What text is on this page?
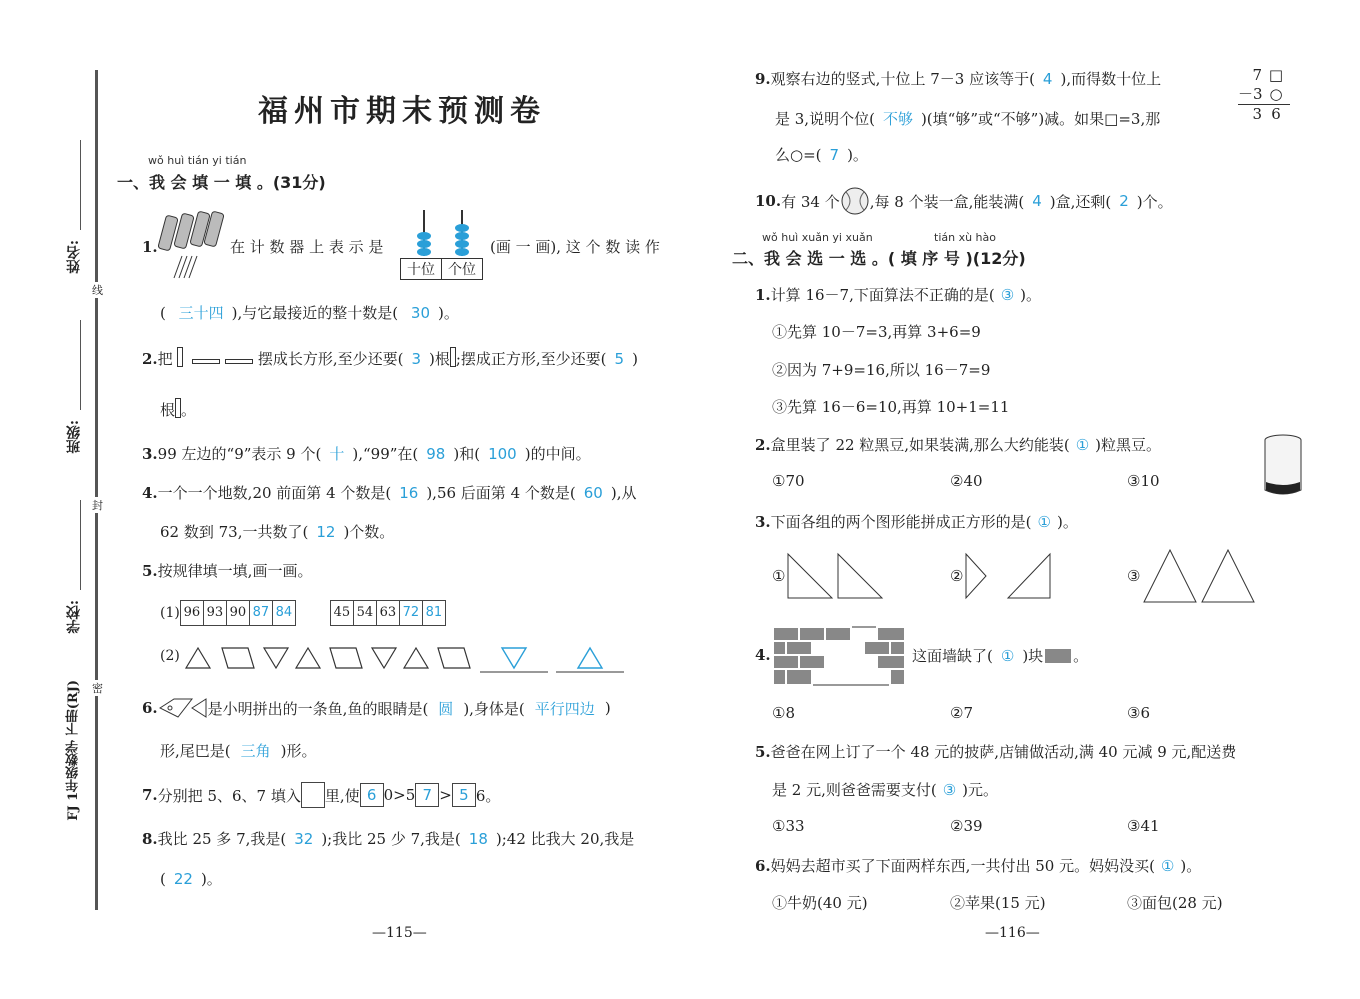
姓名:
班级:
学校:
FJ 1年级数学 下册(RJ)
线
封
密
福州市期末预测卷
wǒ huì tián yi tián
一、我 会 填 一 填 。(31分)
1.	在 计 数 器 上 表 示 是
十位 个位
(画 一 画), 这 个 数 读 作
( 三十四 ),与它最接近的整十数是( 30 )。
2.把	摆成长方形,至少还要( 3 )根 ;摆成正方形,至少还要( 5 )
根 。
3.99 左边的“9”表示 9 个( 十 ),“99”在( 98 )和( 100 )的中间。
4.一个一个地数,20 前面第 4 个数是( 16 ),56 后面第 4 个数是( 60 ),从
62 数到 73,一共数了( 12 )个数。
5.按规律填一填,画一画。
(1) 96 93 90 87 84	45 54 63 72 81
(2)
6.	是小明拼出的一条鱼,鱼的眼睛是( 圆 ),身体是( 平行四边 )
形,尾巴是( 三角 )形。
7. 分别把 5、6、7 填入 里,使 6 0>5 7 > 5 6。
8.我比 25 多 7,我是( 32 );我比 25 少 7,我是( 18 );42 比我大 20,我是
( 22 )。
—115—
9.观察右边的竖式,十位上 7－3 应该等于( 4 ),而得数十位上
是 3,说明个位( 不够 )(填“够”或“不够”)减。如果□=3,那
么○=( 7 )。
7 □
－3 ○
3 6
10. 有 34 个 ,每 8 个装一盒,能装满( 4 )盒,还剩( 2 )个。
wǒ huì xuǎn yi xuǎn	tián xù hào
二、我 会 选 一 选 。( 填 序 号 )(12分)
1.计算 16－7,下面算法不正确的是( ③ )。
①先算 10－7=3,再算 3+6=9
②因为 7+9=16,所以 16－7=9
③先算 16－6=10,再算 10+1=11
2.盒里装了 22 粒黑豆,如果装满,那么大约能装( ① )粒黑豆。
①70	②40	③10
3.下面各组的两个图形能拼成正方形的是( ① )。
①	②	③
4.	这面墙缺了( ① )块 。
①8	②7	③6
5.爸爸在网上订了一个 48 元的披萨,店铺做活动,满 40 元减 9 元,配送费
是 2 元,则爸爸需要支付( ③ )元。
①33	②39	③41
6.妈妈去超市买了下面两样东西,一共付出 50 元。妈妈没买( ① )。
①牛奶(40 元)	②苹果(15 元)	③面包(28 元)
—116—
